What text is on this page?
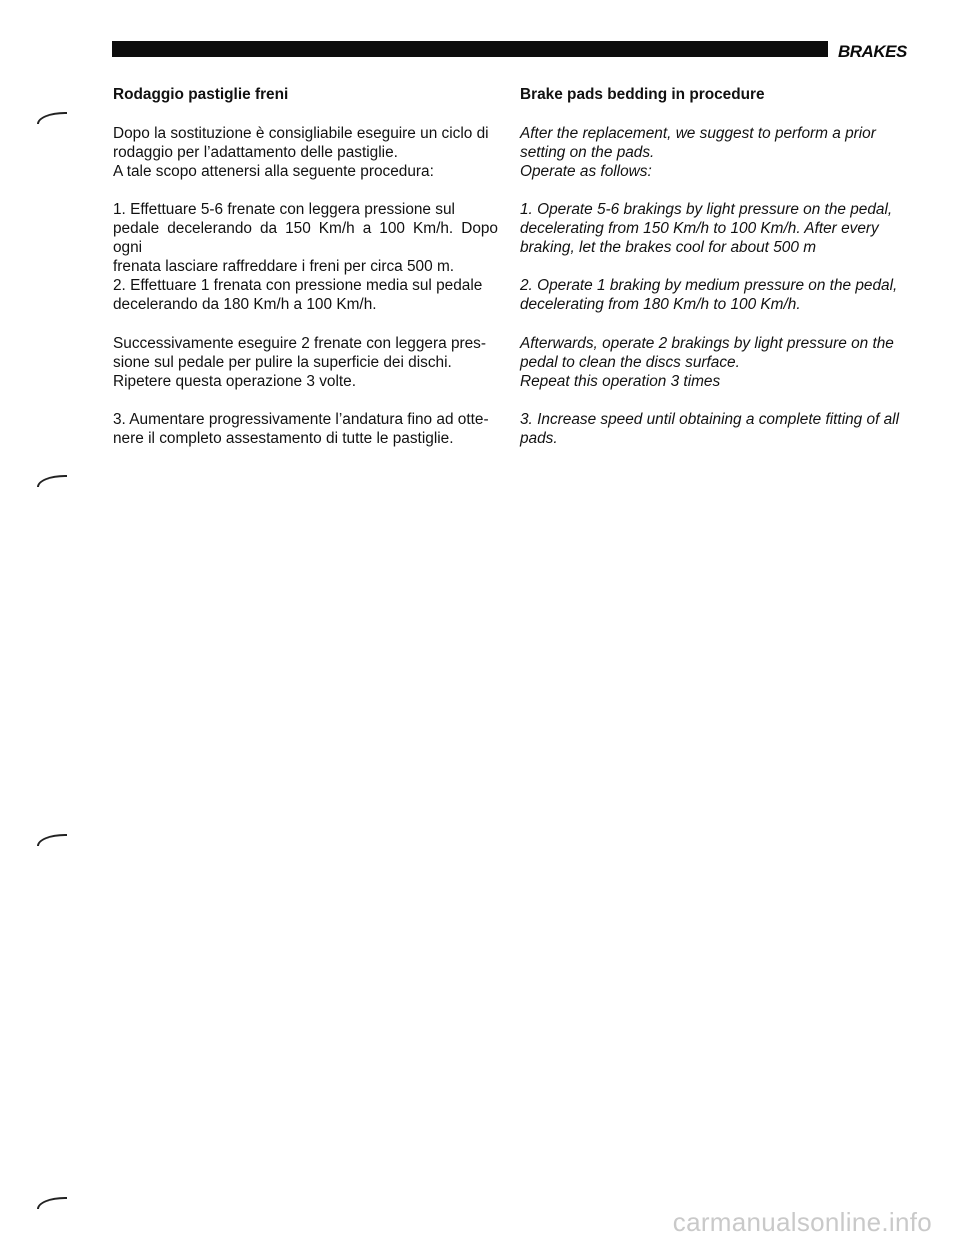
BRAKES
Rodaggio pastiglie freni

Dopo la sostituzione è consigliabile eseguire un ciclo di

rodaggio per l’adattamento delle pastiglie.

A tale scopo attenersi alla seguente procedura:

1. Effettuare 5-6 frenate con leggera pressione sul

pedale decelerando da 150 Km/h a 100 Km/h. Dopo ogni

frenata lasciare raffreddare i freni per circa 500 m.

2. Effettuare 1 frenata con pressione media sul pedale

decelerando da 180 Km/h a 100 Km/h.

Successivamente eseguire 2 frenate con leggera pres-

sione sul pedale per pulire la superficie dei dischi.

Ripetere questa operazione 3 volte.

3. Aumentare progressivamente l’andatura fino ad otte-

nere il completo assestamento di tutte le pastiglie.

Brake pads bedding in procedure

After the replacement, we suggest to perform a prior

setting on the pads.

Operate as follows:

1. Operate 5-6 brakings by light pressure on the pedal,

decelerating from 150 Km/h to 100 Km/h. After every

braking, let the brakes cool for about 500 m

2. Operate 1 braking by medium pressure on the pedal,

decelerating from 180 Km/h to 100 Km/h.

Afterwards, operate 2 brakings by light pressure on the

pedal to clean the discs surface.

Repeat this operation 3 times

3. Increase speed until obtaining a complete fitting of all

pads.

carmanualsonline.info
